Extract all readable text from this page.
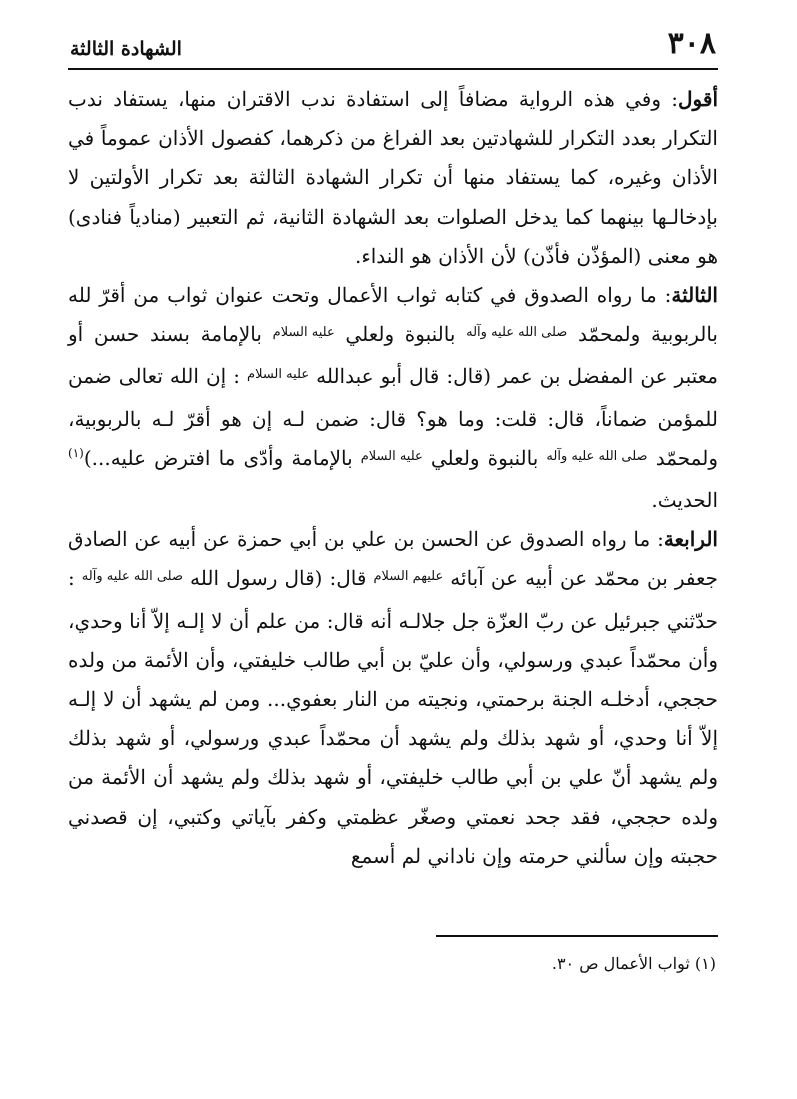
٣٠٨
الشهادة الثالثة

أقول: وفي هذه الرواية مضافاً إلى استفادة ندب الاقتران منها، يستفاد ندب التكرار بعدد التكرار للشهادتين بعد الفراغ من ذكرهما، كفصول الأذان عموماً في الأذان وغيره، كما يستفاد منها أن تكرار الشهادة الثالثة بعد تكرار الأولتين لا بإدخالـها بينهما كما يدخل الصلوات بعد الشهادة الثانية، ثم التعبير (منادياً فنادى) هو معنى (المؤذّن فأذّن) لأن الأذان هو النداء.

الثالثة: ما رواه الصدوق في كتابه ثواب الأعمال وتحت عنوان ثواب من أقرّ لله بالربوبية ولمحمّد صلى الله عليه وآله بالنبوة ولعلي عليه السلام بالإمامة بسند حسن أو معتبر عن المفضل بن عمر (قال: قال أبو عبدالله عليه السلام : إن الله تعالى ضمن للمؤمن ضماناً، قال: قلت: وما هو؟ قال: ضمن لـه إن هو أقرّ لـه بالربوبية، ولمحمّد صلى الله عليه وآله بالنبوة ولعلي عليه السلام بالإمامة وأدّى ما افترض عليه...)(١) الحديث.

الرابعة: ما رواه الصدوق عن الحسن بن علي بن أبي حمزة عن أبيه عن الصادق جعفر بن محمّد عن أبيه عن آبائه عليهم السلام قال: (قال رسول الله صلى الله عليه وآله : حدّثني جبرئيل عن ربّ العزّة جل جلالـه أنه قال: من علم أن لا إلـه إلاّ أنا وحدي، وأن محمّداً عبدي ورسولي، وأن عليّ بن أبي طالب خليفتي، وأن الأئمة من ولده حججي، أدخلـه الجنة برحمتي، ونجيته من النار بعفوي... ومن لم يشهد أن لا إلـه إلاّ أنا وحدي، أو شهد بذلك ولم يشهد أن محمّداً عبدي ورسولي، أو شهد بذلك ولم يشهد أنّ علي بن أبي طالب خليفتي، أو شهد بذلك ولم يشهد أن الأئمة من ولده حججي، فقد جحد نعمتي وصغّر عظمتي وكفر بآياتي وكتبي، إن قصدني حجبته وإن سألني حرمته وإن ناداني لم أسمع

(١) ثواب الأعمال ص ٣٠.
